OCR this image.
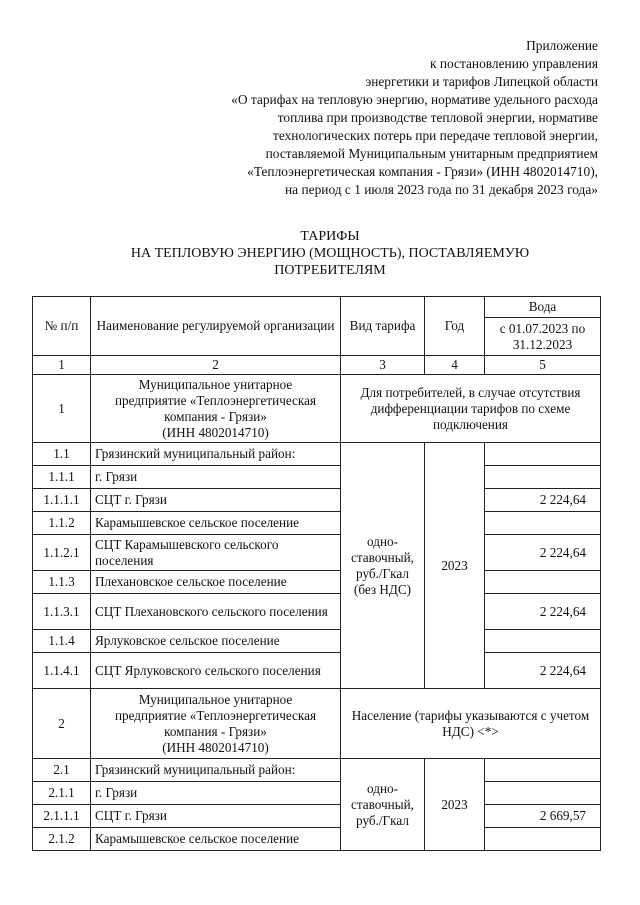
Приложение
к постановлению управления
энергетики и тарифов Липецкой области
«О тарифах на тепловую энергию, нормативе удельного расхода
топлива при производстве тепловой энергии, нормативе
технологических потерь при передаче тепловой энергии,
поставляемой Муниципальным унитарным предприятием
«Теплоэнергетическая компания - Грязи» (ИНН 4802014710),
на период с 1 июля 2023 года по 31 декабря 2023 года»
ТАРИФЫ
НА ТЕПЛОВУЮ ЭНЕРГИЮ (МОЩНОСТЬ), ПОСТАВЛЯЕМУЮ
ПОТРЕБИТЕЛЯМ
№ п/п	Наименование регулируемой организации	Вид тарифа	Год	Вода
				с 01.07.2023 по 31.12.2023
1	2	3	4	5
1	Муниципальное унитарное
предприятие «Теплоэнергетическая
компания - Грязи»
(ИНН 4802014710)	Для потребителей, в случае отсутствия дифференциации тарифов по схеме подключения		
1.1	Грязинский муниципальный район:	одно-ставочный, руб./Гкал (без НДС)	2023	
1.1.1	г. Грязи			
1.1.1.1	СЦТ г. Грязи			2 224,64
1.1.2	Карамышевское сельское поселение			
1.1.2.1	СЦТ Карамышевского сельского поселения			2 224,64
1.1.3	Плехановское сельское поселение			
1.1.3.1	СЦТ Плехановского сельского поселения			2 224,64
1.1.4	Ярлуковское сельское поселение			
1.1.4.1	СЦТ Ярлуковского сельского поселения			2 224,64
2	Муниципальное унитарное
предприятие «Теплоэнергетическая
компания - Грязи»
(ИНН 4802014710)	Население (тарифы указываются с учетом НДС) <*>		
2.1	Грязинский муниципальный район:	одно-ставочный, руб./Гкал	2023	
2.1.1	г. Грязи			
2.1.1.1	СЦТ г. Грязи			2 669,57
2.1.2	Карамышевское сельское поселение			
